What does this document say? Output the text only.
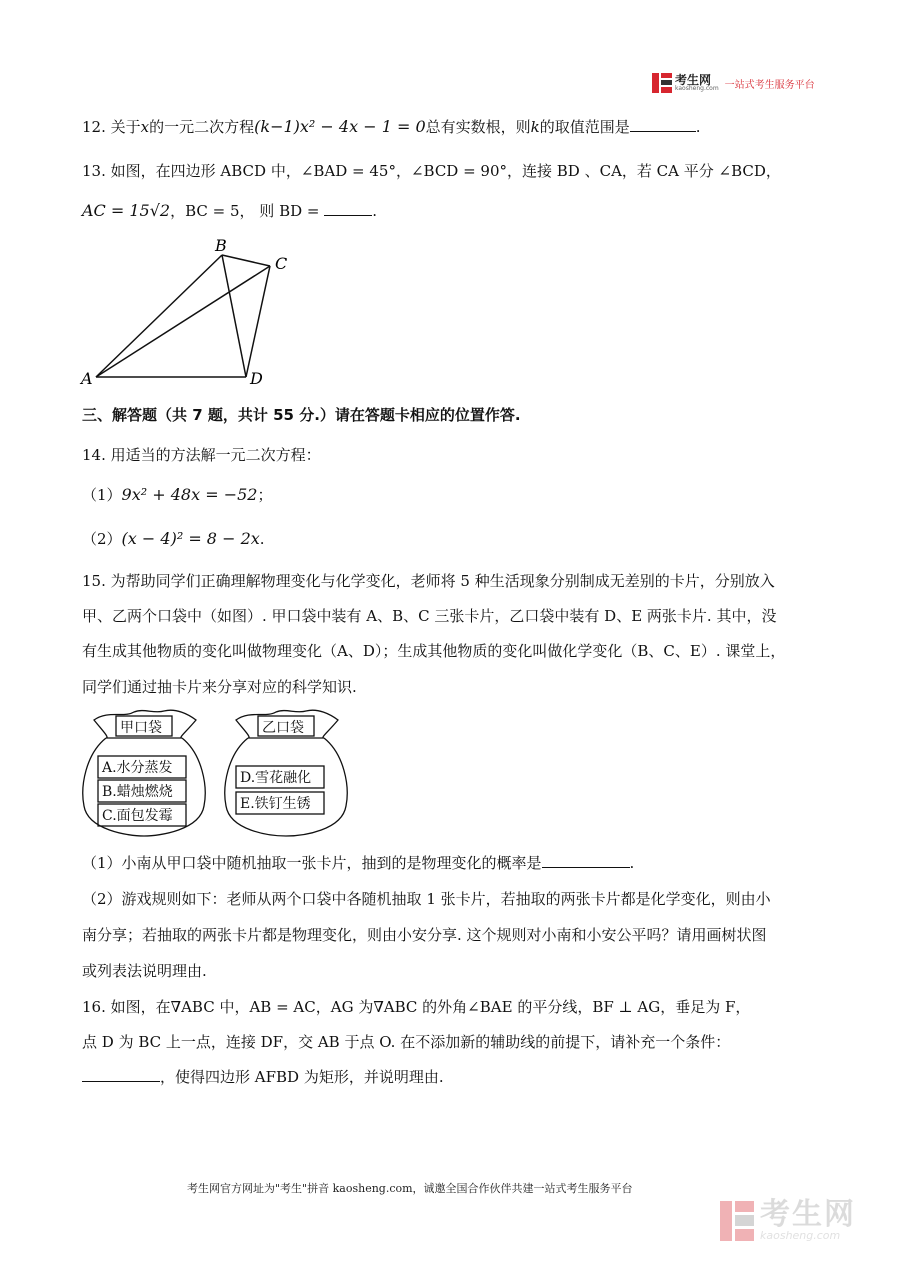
考生网
kaosheng.com 一站式考生服务平台
12. 关于x的一元二次方程(k−1)x² − 4x − 1 = 0总有实数根，则k的取值范围是	.
13. 如图，在四边形 ABCD 中，∠BAD = 45°，∠BCD = 90°，连接 BD 、CA，若 CA 平分 ∠BCD，
AC = 15√2，BC = 5， 则 BD =	.
A
B
C
D
三、解答题（共 7 题，共计 55 分.）请在答题卡相应的位置作答.
14. 用适当的方法解一元二次方程：
（1）9x² + 48x = −52；
（2）(x − 4)² = 8 − 2x.
15. 为帮助同学们正确理解物理变化与化学变化，老师将 5 种生活现象分别制成无差别的卡片，分别放入
甲、乙两个口袋中（如图）. 甲口袋中装有 A、B、C 三张卡片，乙口袋中装有 D、E 两张卡片. 其中，没
有生成其他物质的变化叫做物理变化（A、D）；生成其他物质的变化叫做化学变化（B、C、E）. 课堂上，
同学们通过抽卡片来分享对应的科学知识.
甲口袋	乙口袋
A.水分蒸发
B.蜡烛燃烧
C.面包发霉
D.雪花融化
E.铁钉生锈
（1）小南从甲口袋中随机抽取一张卡片，抽到的是物理变化的概率是	.
（2）游戏规则如下：老师从两个口袋中各随机抽取 1 张卡片，若抽取的两张卡片都是化学变化，则由小
南分享；若抽取的两张卡片都是物理变化，则由小安分享. 这个规则对小南和小安公平吗？请用画树状图
或列表法说明理由.
16. 如图，在∇ABC 中，AB = AC，AG 为∇ABC 的外角∠BAE 的平分线，BF ⊥ AG，垂足为 F，
点 D 为 BC 上一点，连接 DF，交 AB 于点 O. 在不添加新的辅助线的前提下，请补充一个条件：
，使得四边形 AFBD 为矩形，并说明理由.
考生网官方网址为"考生"拼音 kaosheng.com，诚邀全国合作伙伴共建一站式考生服务平台
考生网
kaosheng.com
